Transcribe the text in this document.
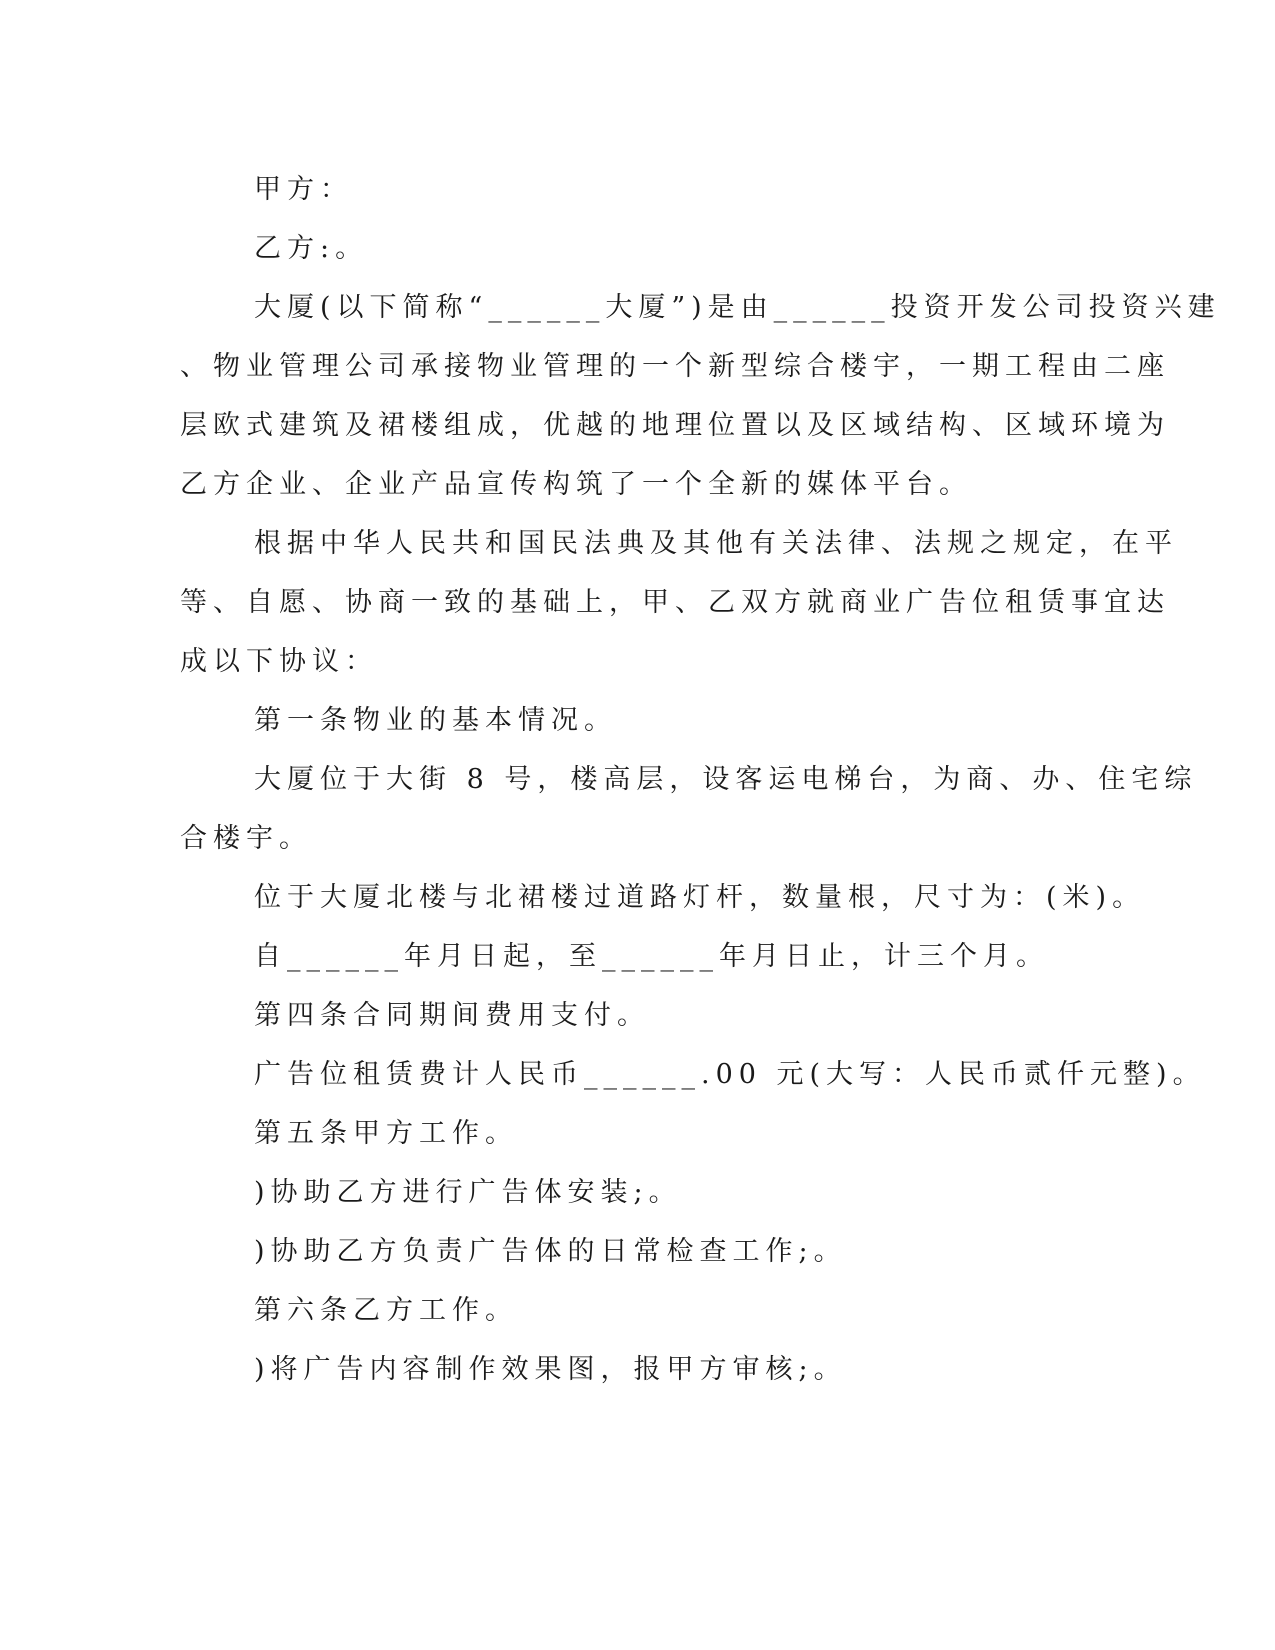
甲方：

乙方:。

大厦(以下简称“______大厦”)是由______投资开发公司投资兴建

、物业管理公司承接物业管理的一个新型综合楼宇，一期工程由二座

层欧式建筑及裙楼组成，优越的地理位置以及区域结构、区域环境为

乙方企业、企业产品宣传构筑了一个全新的媒体平台。

根据中华人民共和国民法典及其他有关法律、法规之规定，在平

等、自愿、协商一致的基础上，甲、乙双方就商业广告位租赁事宜达

成以下协议：

第一条物业的基本情况。

大厦位于大街 8 号，楼高层，设客运电梯台，为商、办、住宅综

合楼宇。

位于大厦北楼与北裙楼过道路灯杆，数量根，尺寸为：(米)。

自______年月日起，至______年月日止，计三个月。

第四条合同期间费用支付。

广告位租赁费计人民币______.00 元(大写：人民币贰仟元整)。

第五条甲方工作。

)协助乙方进行广告体安装;。

)协助乙方负责广告体的日常检查工作;。

第六条乙方工作。

)将广告内容制作效果图，报甲方审核;。
